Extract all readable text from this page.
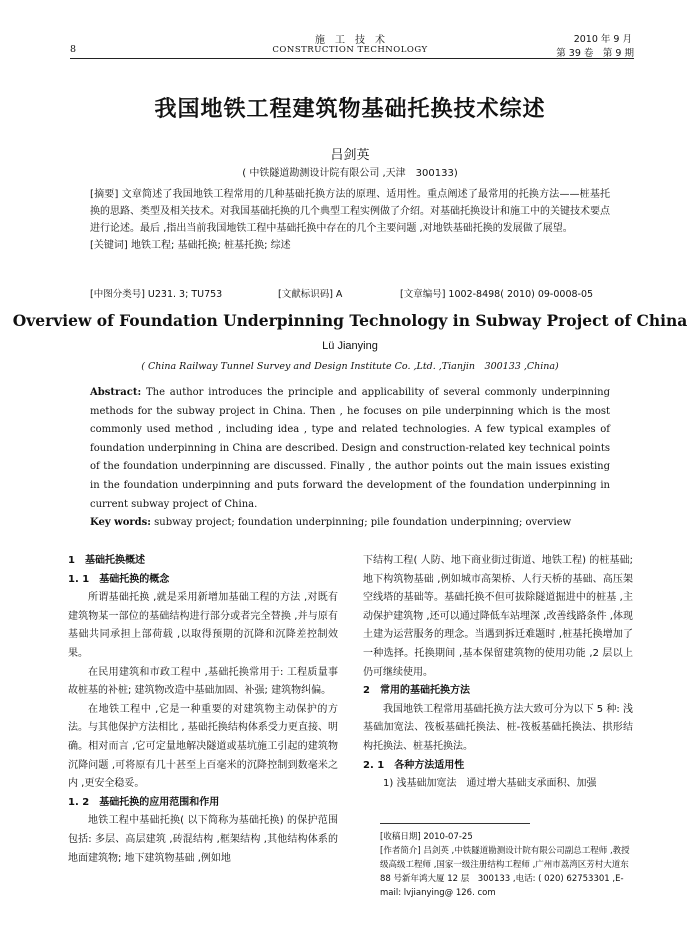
8
施　工　技　术
CONSTRUCTION TECHNOLOGY
2010 年 9 月
第 39 卷　第 9 期
我国地铁工程建筑物基础托换技术综述
吕剑英
( 中铁隧道勘测设计院有限公司 ,天津　300133)

[摘要] 文章简述了我国地铁工程常用的几种基础托换方法的原理、适用性。重点阐述了最常用的托换方法——桩基托换的思路、类型及相关技术。对我国基础托换的几个典型工程实例做了介绍。对基础托换设计和施工中的关键技术要点进行论述。最后 ,指出当前我国地铁工程中基础托换中存在的几个主要问题 ,对地铁基础托换的发展做了展望。

[关键词] 地铁工程; 基础托换; 桩基托换; 综述

[中图分类号] U231. 3; TU753	[文献标识码] A	[文章编号] 1002-8498( 2010) 09-0008-05
Overview of Foundation Underpinning Technology in Subway Project of China
Lü Jianying
( China Railway Tunnel Survey and Design Institute Co. ,Ltd. ,Tianjin　300133 ,China)

Abstract: The author introduces the principle and applicability of several commonly underpinning methods for the subway project in China. Then , he focuses on pile underpinning which is the most commonly used method , including idea , type and related technologies. A few typical examples of foundation underpinning in China are described. Design and construction-related key technical points of the foundation underpinning are discussed. Finally , the author points out the main issues existing in the foundation underpinning and puts forward the development of the foundation underpinning in current subway project of China.

Key words: subway project; foundation underpinning; pile foundation underpinning; overview

1　基础托换概述

1. 1　基础托换的概念

所谓基础托换 ,就是采用新增加基础工程的方法 ,对既有建筑物某一部位的基础结构进行部分或者完全替换 ,并与原有基础共同承担上部荷载 ,以取得预期的沉降和沉降差控制效果。

在民用建筑和市政工程中 ,基础托换常用于: 工程质量事故桩基的补桩; 建筑物改造中基础加固、补强; 建筑物纠偏。

在地铁工程中 ,它是一种重要的对建筑物主动保护的方法。与其他保护方法相比 , 基础托换结构体系受力更直接、明确。相对而言 ,它可定量地解决隧道或基坑施工引起的建筑物沉降问题 ,可将原有几十甚至上百毫米的沉降控制到数毫米之内 ,更安全稳妥。

1. 2　基础托换的应用范围和作用

地铁工程中基础托换( 以下简称为基础托换) 的保护范围包括: 多层、高层建筑 ,砖混结构 ,框架结构 ,其他结构体系的地面建筑物; 地下建筑物基础 ,例如地

下结构工程( 人防、地下商业街过街道、地铁工程) 的桩基础; 地下构筑物基础 ,例如城市高架桥、人行天桥的基础、高压架空线塔的基础等。基础托换不但可拔除隧道掘进中的桩基 ,主动保护建筑物 ,还可以通过降低车站埋深 ,改善线路条件 ,体现土建为运营服务的理念。当遇到拆迁难题时 ,桩基托换增加了一种选择。托换期间 ,基本保留建筑物的使用功能 ,2 层以上仍可继续使用。

2　常用的基础托换方法

我国地铁工程常用基础托换方法大致可分为以下 5 种: 浅基础加宽法、筏板基础托换法、桩-筏板基础托换法、拱形结构托换法、桩基托换法。

2. 1　各种方法适用性

1) 浅基础加宽法　通过增大基础支承面积、加强

[收稿日期] 2010-07-25
[作者简介] 吕剑英 ,中铁隧道勘测设计院有限公司副总工程师 ,教授级高级工程师 ,国家一级注册结构工程师 ,广州市荔湾区芳村大道东 88 号新年鸿大厦 12 层　300133 ,电话: ( 020) 62753301 ,E-mail: lvjianying@ 126. com
